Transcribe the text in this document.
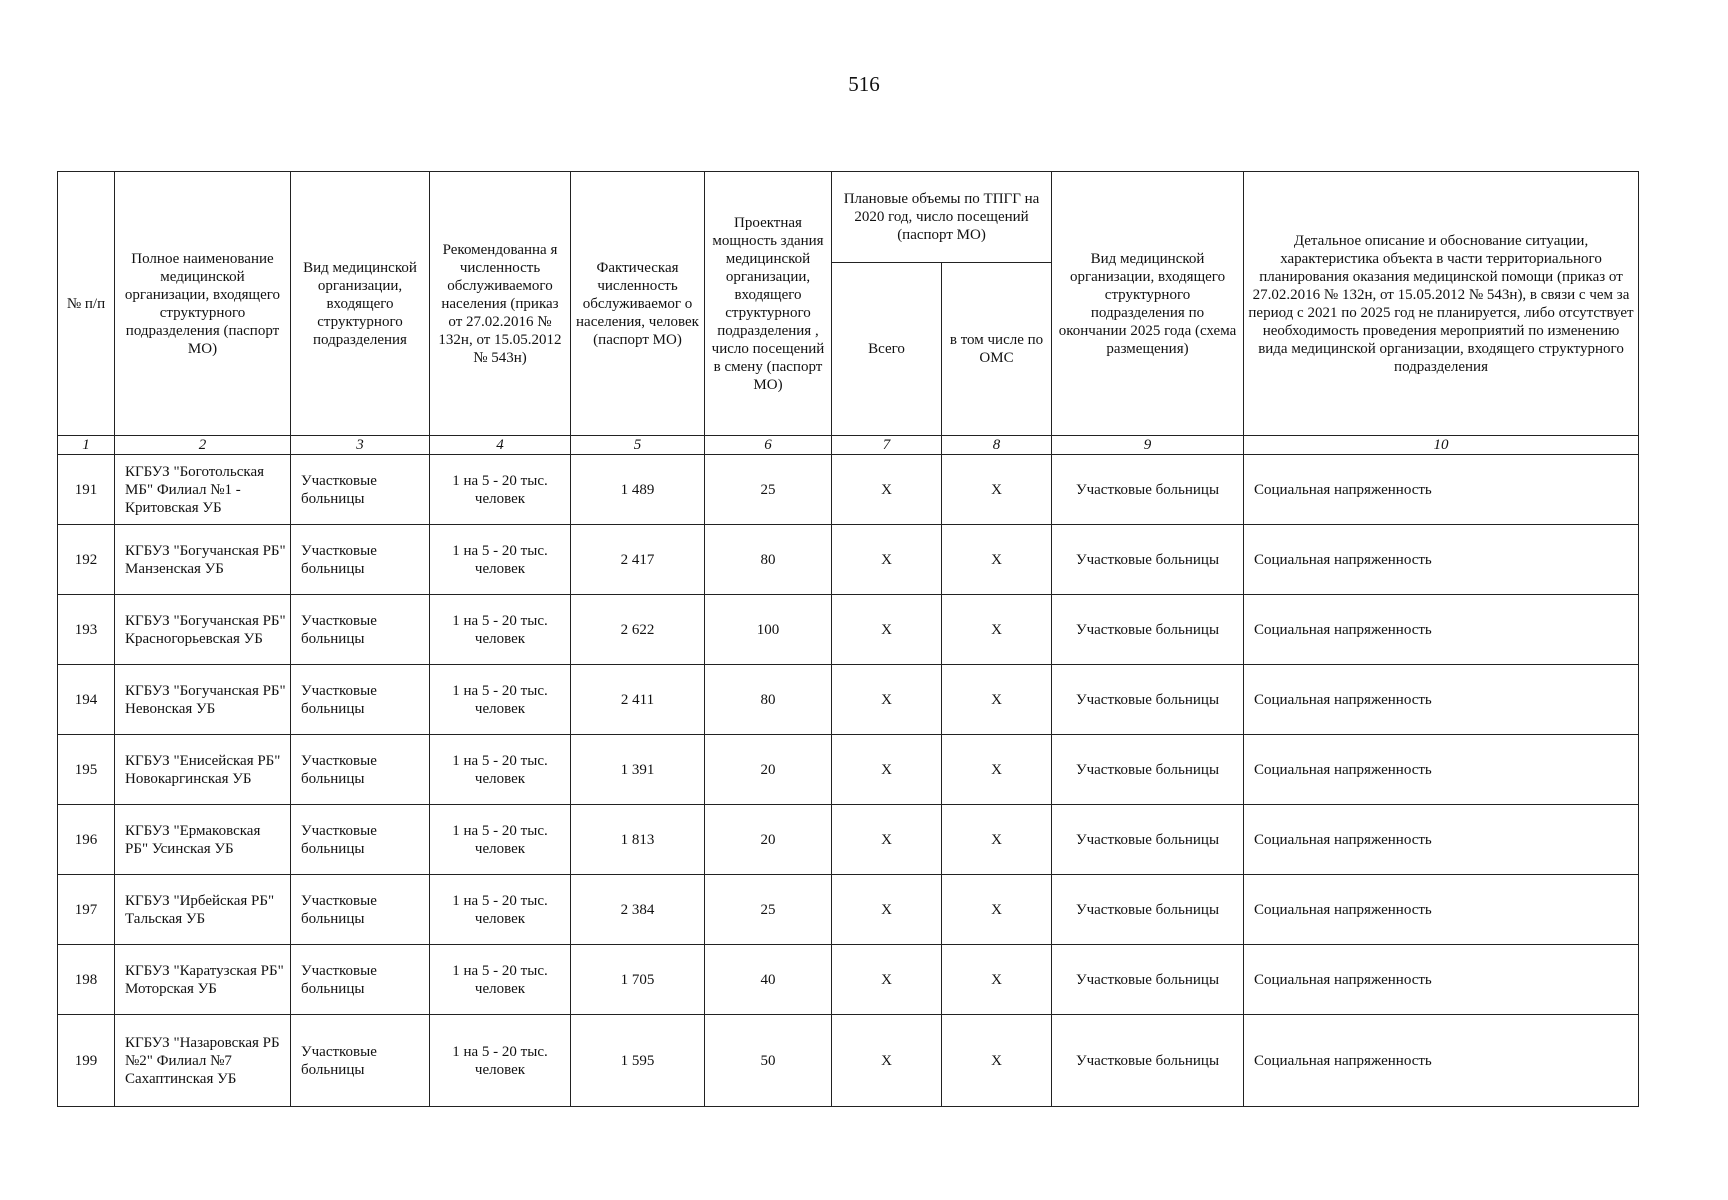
516
№ п/п	Полное наименование медицинской организации, входящего структурного подразделения (паспорт МО)	Вид медицинской организации, входящего структурного подразделения	Рекомендованна я численность обслуживаемого населения (приказ от 27.02.2016 № 132н, от 15.05.2012 № 543н)	Фактическая численность обслуживаемог о населения, человек (паспорт МО)	Проектная мощность здания медицинской организации, входящего структурного подразделения , число посещений в смену (паспорт МО)	Плановые объемы по ТПГГ на 2020 год, число посещений (паспорт МО)		Вид медицинской организации, входящего структурного подразделения по окончании 2025 года (схема размещения)	Детальное описание и обоснование ситуации, характеристика объекта в части территориального планирования оказания медицинской помощи (приказ от 27.02.2016 № 132н, от 15.05.2012 № 543н), в связи с чем за период с 2021 по 2025 год не планируется, либо отсутствует необходимость проведения мероприятий по изменению вида медицинской организации, входящего структурного подразделения
						Всего	в том числе по ОМС		
1	2	3	4	5	6	7	8	9	10
191	КГБУЗ "Боготольская МБ" Филиал №1 - Критовская УБ	Участковые больницы	1 на 5 - 20 тыс. человек	1 489	25	Х	Х	Участковые больницы	Социальная напряженность
192	КГБУЗ "Богучанская РБ" Манзенская УБ	Участковые больницы	1 на 5 - 20 тыс. человек	2 417	80	Х	Х	Участковые больницы	Социальная напряженность
193	КГБУЗ "Богучанская РБ" Красногорьевская УБ	Участковые больницы	1 на 5 - 20 тыс. человек	2 622	100	Х	Х	Участковые больницы	Социальная напряженность
194	КГБУЗ "Богучанская РБ" Невонская УБ	Участковые больницы	1 на 5 - 20 тыс. человек	2 411	80	Х	Х	Участковые больницы	Социальная напряженность
195	КГБУЗ "Енисейская РБ" Новокаргинская УБ	Участковые больницы	1 на 5 - 20 тыс. человек	1 391	20	Х	Х	Участковые больницы	Социальная напряженность
196	КГБУЗ "Ермаковская РБ" Усинская УБ	Участковые больницы	1 на 5 - 20 тыс. человек	1 813	20	Х	Х	Участковые больницы	Социальная напряженность
197	КГБУЗ "Ирбейская РБ" Тальская УБ	Участковые больницы	1 на 5 - 20 тыс. человек	2 384	25	Х	Х	Участковые больницы	Социальная напряженность
198	КГБУЗ "Каратузская РБ" Моторская УБ	Участковые больницы	1 на 5 - 20 тыс. человек	1 705	40	Х	Х	Участковые больницы	Социальная напряженность
199	КГБУЗ "Назаровская РБ №2" Филиал №7 Сахаптинская УБ	Участковые больницы	1 на 5 - 20 тыс. человек	1 595	50	Х	Х	Участковые больницы	Социальная напряженность
